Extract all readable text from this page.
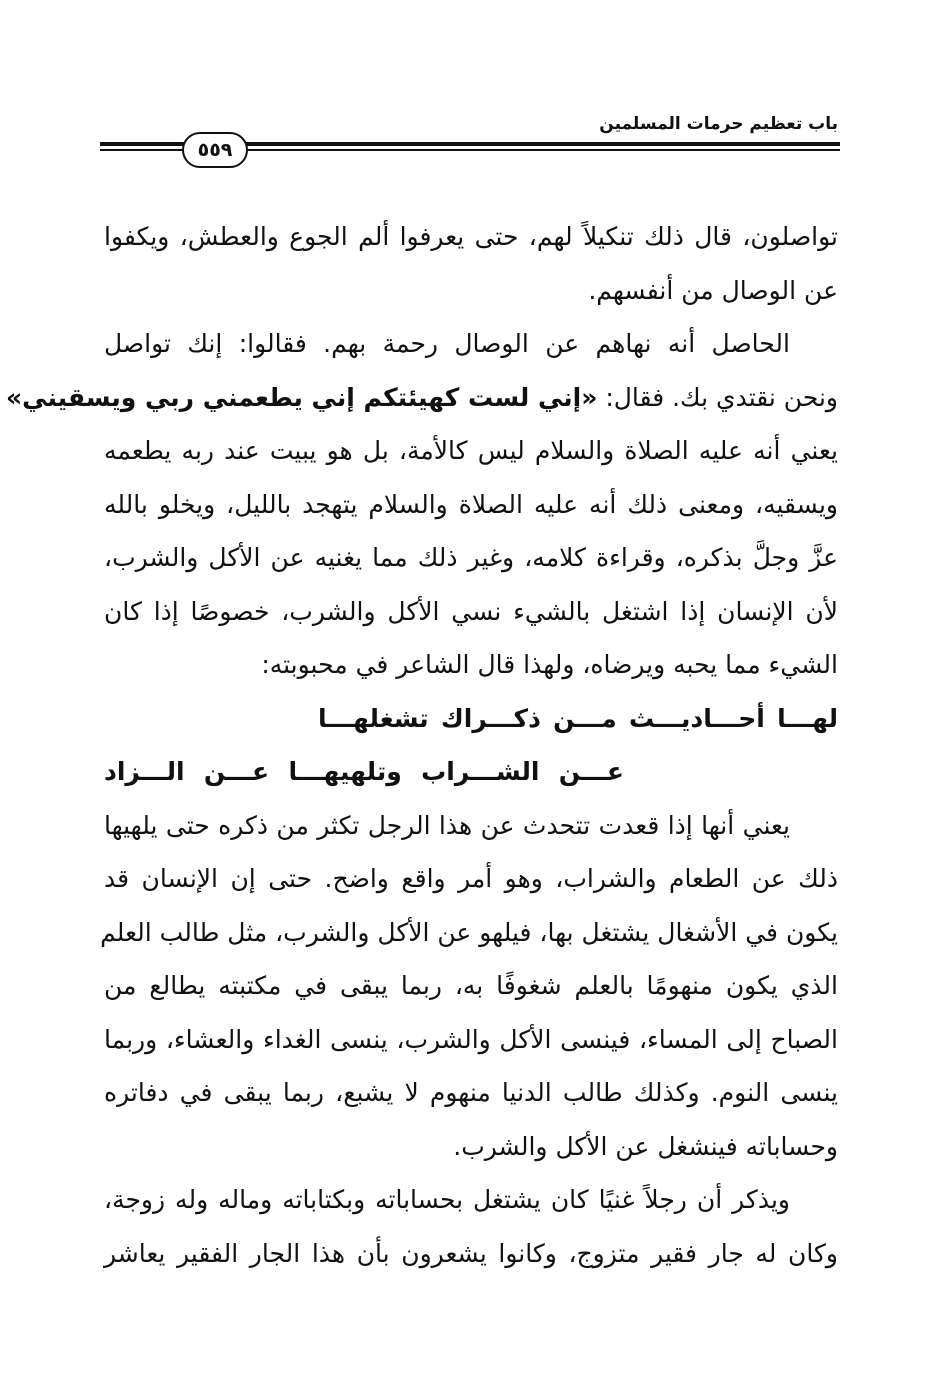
باب تعظيم حرمات المسلمين
٥٥٩
تواصلون، قال ذلك تنكيلاً لهم، حتى يعرفوا ألم الجوع والعطش، ويكفوا
عن الوصال من أنفسهم.
الحاصل أنه نهاهم عن الوصال رحمة بهم. فقالوا: إنك تواصل
ونحن نقتدي بك. فقال: «إني لست كهيئتكم إني يطعمني ربي ويسقيني»
يعني أنه عليه الصلاة والسلام ليس كالأمة، بل هو يبيت عند ربه يطعمه
ويسقيه، ومعنى ذلك أنه عليه الصلاة والسلام يتهجد بالليل، ويخلو بالله
عزَّ وجلَّ بذكره، وقراءة كلامه، وغير ذلك مما يغنيه عن الأكل والشرب،
لأن الإنسان إذا اشتغل بالشيء نسي الأكل والشرب، خصوصًا إذا كان
الشيء مما يحبه ويرضاه، ولهذا قال الشاعر في محبوبته:
لهـــا أحـــاديـــث مـــن ذكـــراك تشغلهـــا
عـــن الشـــراب وتلهيهـــا عـــن الـــزاد
يعني أنها إذا قعدت تتحدث عن هذا الرجل تكثر من ذكره حتى يلهيها
ذلك عن الطعام والشراب، وهو أمر واقع واضح. حتى إن الإنسان قد
يكون في الأشغال يشتغل بها، فيلهو عن الأكل والشرب، مثل طالب العلم
الذي يكون منهومًا بالعلم شغوفًا به، ربما يبقى في مكتبته يطالع من
الصباح إلى المساء، فينسى الأكل والشرب، ينسى الغداء والعشاء، وربما
ينسى النوم. وكذلك طالب الدنيا منهوم لا يشبع، ربما يبقى في دفاتره
وحساباته فينشغل عن الأكل والشرب.
ويذكر أن رجلاً غنيًا كان يشتغل بحساباته وبكتاباته وماله وله زوجة،
وكان له جار فقير متزوج، وكانوا يشعرون بأن هذا الجار الفقير يعاشر
